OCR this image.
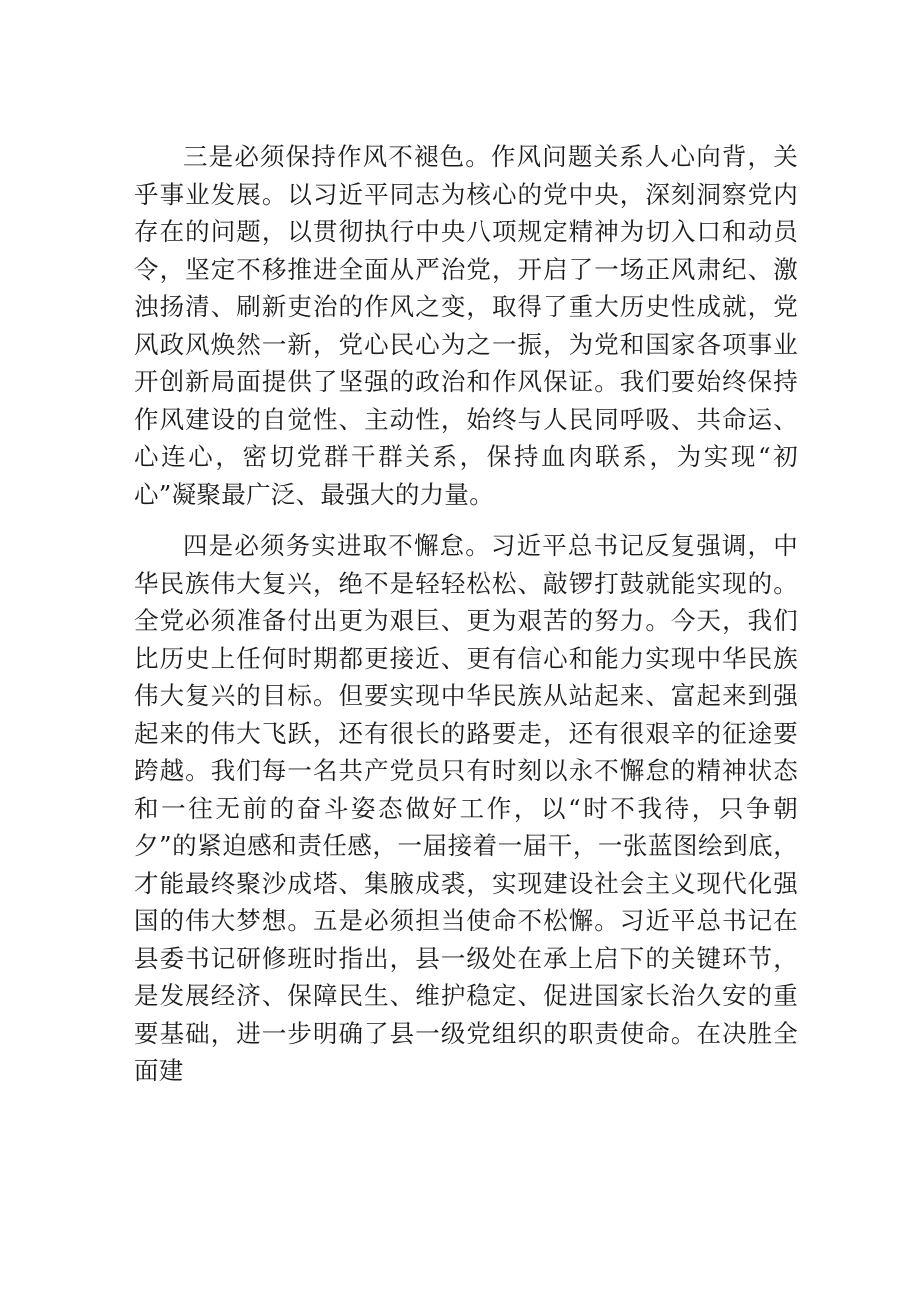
三是必须保持作风不褪色。作风问题关系人心向背，关乎事业发展。以习近平同志为核心的党中央，深刻洞察党内存在的问题，以贯彻执行中央八项规定精神为切入口和动员令，坚定不移推进全面从严治党，开启了一场正风肃纪、激浊扬清、刷新吏治的作风之变，取得了重大历史性成就，党风政风焕然一新，党心民心为之一振，为党和国家各项事业开创新局面提供了坚强的政治和作风保证。我们要始终保持作风建设的自觉性、主动性，始终与人民同呼吸、共命运、心连心，密切党群干群关系，保持血肉联系，为实现“初心”凝聚最广泛、最强大的力量。

四是必须务实进取不懈怠。习近平总书记反复强调，中华民族伟大复兴，绝不是轻轻松松、敲锣打鼓就能实现的。全党必须准备付出更为艰巨、更为艰苦的努力。今天，我们比历史上任何时期都更接近、更有信心和能力实现中华民族伟大复兴的目标。但要实现中华民族从站起来、富起来到强起来的伟大飞跃，还有很长的路要走，还有很艰辛的征途要跨越。我们每一名共产党员只有时刻以永不懈怠的精神状态和一往无前的奋斗姿态做好工作，以“时不我待，只争朝夕”的紧迫感和责任感，一届接着一届干，一张蓝图绘到底，才能最终聚沙成塔、集腋成裘，实现建设社会主义现代化强国的伟大梦想。五是必须担当使命不松懈。习近平总书记在县委书记研修班时指出，县一级处在承上启下的关键环节，是发展经济、保障民生、维护稳定、促进国家长治久安的重要基础，进一步明确了县一级党组织的职责使命。在决胜全面建
